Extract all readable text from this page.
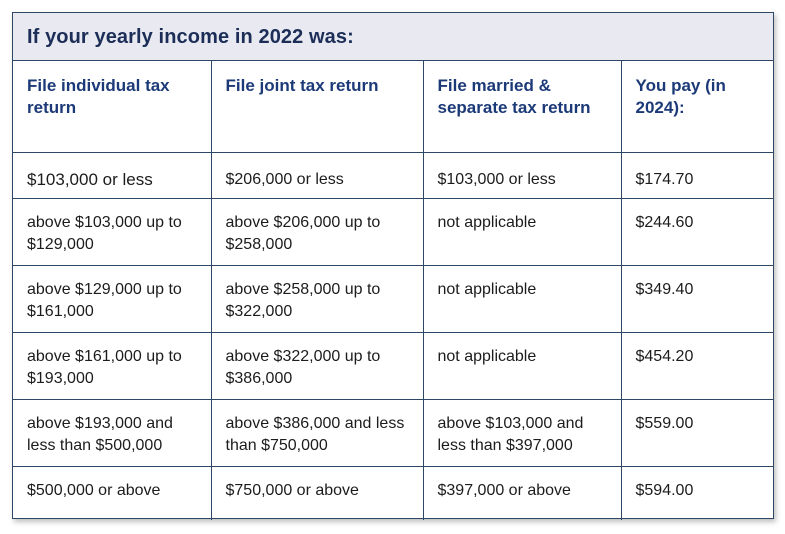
If your yearly income in 2022 was:
File individual tax return	File joint tax return	File married & separate tax return	You pay (in 2024):
$103,000 or less	$206,000 or less	$103,000 or less	$174.70
above $103,000 up to $129,000	above $206,000 up to $258,000	not applicable	$244.60
above $129,000 up to $161,000	above $258,000 up to $322,000	not applicable	$349.40
above $161,000 up to $193,000	above $322,000 up to $386,000	not applicable	$454.20
above $193,000 and less than $500,000	above $386,000 and less than $750,000	above $103,000 and less than $397,000	$559.00
$500,000 or above	$750,000 or above	$397,000 or above	$594.00
